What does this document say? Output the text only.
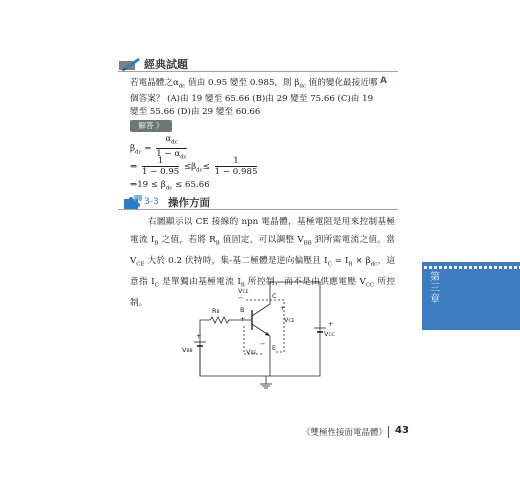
經典試題
若電晶體之$\alpha_{dc}$ 值由 0.95 變至 0.985，則 $\beta_{dc}$ 值的變化最接近哪個答案？ (A)由 19 變至 65.66 (B)由 29 變至 75.66 (C)由 19 變至 55.66 (D)由 29 變至 60.66
A
解答 》
$\beta_{dc} = \frac{\alpha_{dc}}{1 - \alpha_{dc}}$
⇒ $\frac{1}{1 - 0.95} \le\beta_{dc}\le \frac{1}{1 - 0.985}$
⇒19 ≤ $\beta_{dc} \le 65.66$
3-3 操作方面
右圖顯示以 CE 接線的 npn 電晶體，基極電阻是用來控制基極電流 $I_B$ 之值，若將 $R_B$ 值固定，可以調整 $V_{BB}$ 到所需電流之值，當 $V_{CE}$ 大於 0.2 伏特時，集-基二極體是逆向偏壓且 $I_C = I_B \times \beta_{dc}$，這意指 $I_C$ 是單獨由基極電流 $I_B$ 所控制，而不是由供應電壓 $V_{CC}$ 所控制。
第三章
VCE
−	C
B
RB
+	VCE
+
+
VCC
+
VBB	VBE
E
−
《雙極性接面電晶體》 43
